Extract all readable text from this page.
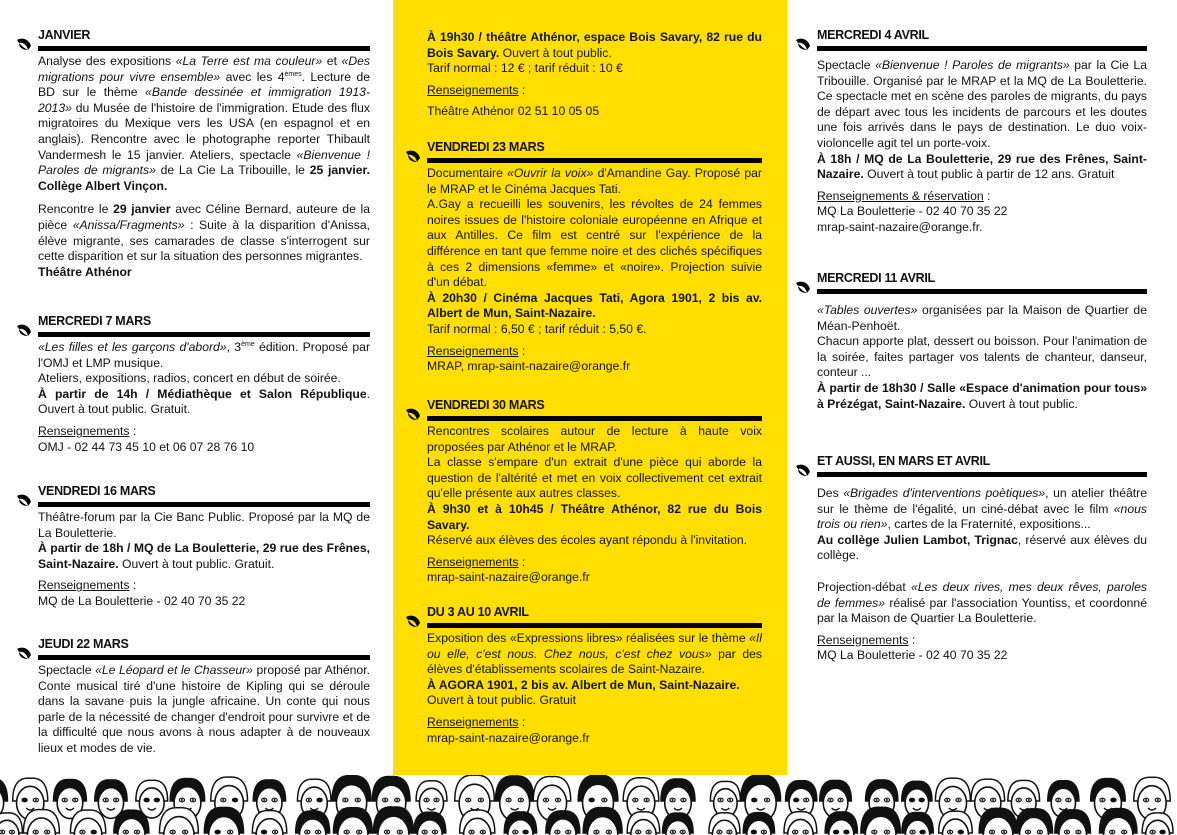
JANVIER

Analyse des expositions «La Terre est ma couleur» et «Des migrations pour vivre ensemble» avec les 4èmes. Lecture de BD sur le thème «Bande dessinée et immigration 1913-2013» du Musée de l'histoire de l'immigration. Etude des flux migratoires du Mexique vers les USA (en espagnol et en anglais). Rencontre avec le photographe reporter Thibault Vandermesh le 15 janvier. Ateliers, spectacle «Bienvenue ! Paroles de migrants» de La Cie La Tribouille, le 25 janvier. Collège Albert Vinçon.

Rencontre le 29 janvier avec Céline Bernard, auteure de la pièce «Anissa/Fragments» : Suite à la disparition d'Anissa, élève migrante, ses camarades de classe s'interrogent sur cette disparition et sur la situation des personnes migrantes.
Théâtre Athénor

MERCREDI 7 MARS

«Les filles et les garçons d'abord», 3ème édition. Proposé par l'OMJ et LMP musique.

Ateliers, expositions, radios, concert en début de soirée.

À partir de 14h / Médiathèque et Salon République. Ouvert à tout public. Gratuit.

Renseignements :

OMJ - 02 44 73 45 10 et 06 07 28 76 10

VENDREDI 16 MARS

Théâtre-forum par la Cie Banc Public. Proposé par la MQ de La Bouletterie.

À partir de 18h / MQ de La Bouletterie, 29 rue des Frênes, Saint-Nazaire. Ouvert à tout public. Gratuit.

Renseignements :

MQ de La Bouletterie - 02 40 70 35 22

JEUDI 22 MARS

Spectacle «Le Léopard et le Chasseur» proposé par Athénor. Conte musical tiré d'une histoire de Kipling qui se déroule dans la savane puis la jungle africaine. Un conte qui nous parle de la nécessité de changer d'endroit pour survivre et de la difficulté que nous avons à nous adapter à de nouveaux lieux et modes de vie.

À 19h30 / théâtre Athénor, espace Bois Savary, 82 rue du Bois Savary. Ouvert à tout public.

Tarif normal : 12 € ; tarif réduit : 10 €

Renseignements :

Théâtre Athénor 02 51 10 05 05

VENDREDI 23 MARS

Documentaire «Ouvrir la voix» d'Amandine Gay. Proposé par le MRAP et le Cinéma Jacques Tati.

A.Gay a recueilli les souvenirs, les révoltes de 24 femmes noires issues de l'histoire coloniale européenne en Afrique et aux Antilles. Ce film est centré sur l'expérience de la différence en tant que femme noire et des clichés spécifiques à ces 2 dimensions «femme» et «noire». Projection suivie d'un débat.

À 20h30 / Cinéma Jacques Tati, Agora 1901, 2 bis av. Albert de Mun, Saint-Nazaire.

Tarif normal : 6,50 € ; tarif réduit : 5,50 €.

Renseignements :

MRAP, mrap-saint-nazaire@orange.fr

VENDREDI 30 MARS

Rencontres scolaires autour de lecture à haute voix proposées par Athénor et le MRAP.

La classe s'empare d'un extrait d'une pièce qui aborde la question de l'altérité et met en voix collectivement cet extrait qu'elle présente aux autres classes.

À 9h30 et à 10h45 / Théâtre Athénor, 82 rue du Bois Savary.

Réservé aux élèves des écoles ayant répondu à l'invitation.

Renseignements :

mrap-saint-nazaire@orange.fr

DU 3 AU 10 AVRIL

Exposition des «Expressions libres» réalisées sur le thème «Il ou elle, c'est nous. Chez nous, c'est chez vous» par des élèves d'établissements scolaires de Saint-Nazaire.

À AGORA 1901, 2 bis av. Albert de Mun, Saint-Nazaire.

Ouvert à tout public. Gratuit

Renseignements :

mrap-saint-nazaire@orange.fr

MERCREDI 4 AVRIL

Spectacle «Bienvenue ! Paroles de migrants» par la Cie La Tribouille. Organisé par le MRAP et la MQ de La Bouletterie. Ce spectacle met en scène des paroles de migrants, du pays de départ avec tous les incidents de parcours et les doutes une fois arrivés dans le pays de destination. Le duo voix-violoncelle agit tel un porte-voix.

À 18h / MQ de La Bouletterie, 29 rue des Frênes, Saint-Nazaire. Ouvert à tout public à partir de 12 ans. Gratuit

Renseignements & réservation :

MQ La Bouletterie - 02 40 70 35 22

mrap-saint-nazaire@orange.fr.

MERCREDI 11 AVRIL

«Tables ouvertes» organisées par la Maison de Quartier de Méan-Penhoët.

Chacun apporte plat, dessert ou boisson. Pour l'animation de la soirée, faites partager vos talents de chanteur, danseur, conteur ...

À partir de 18h30 / Salle «Espace d'animation pour tous» à Prézégat, Saint-Nazaire. Ouvert à tout public.

ET AUSSI, EN MARS ET AVRIL

Des «Brigades d'interventions poètiques», un atelier théâtre sur le thème de l'égalité, un ciné-débat avec le film «nous trois ou rien», cartes de la Fraternité, expositions...

Au collège Julien Lambot, Trignac, réservé aux élèves du collège.

Projection-débat «Les deux rives, mes deux rêves, paroles de femmes» réalisé par l'association Yountiss, et coordonné par la Maison de Quartier La Bouletterie.

Renseignements :

MQ La Bouletterie - 02 40 70 35 22
